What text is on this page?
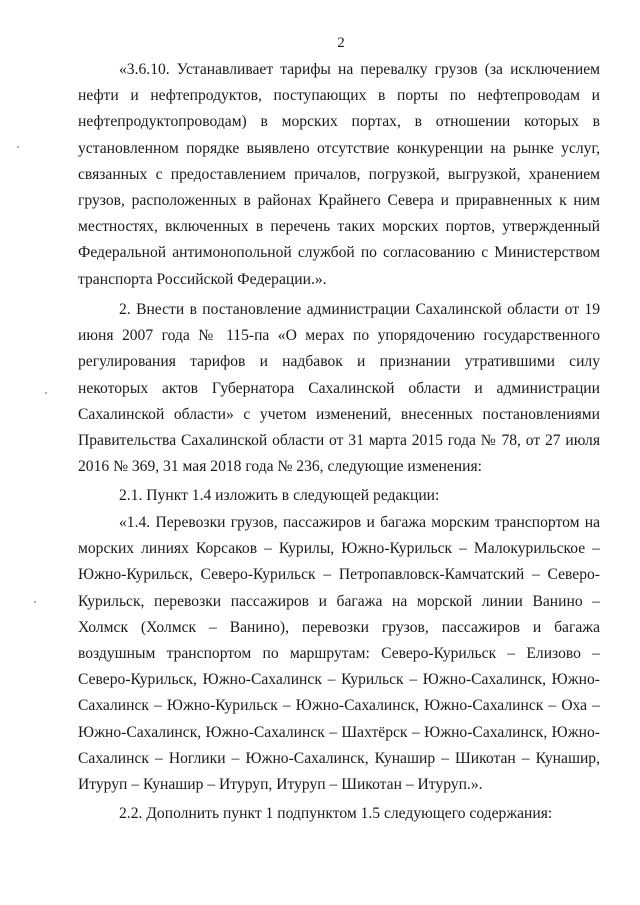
2
«3.6.10. Устанавливает тарифы на перевалку грузов (за исключением
нефти и нефтепродуктов, поступающих в порты по нефтепроводам и
нефтепродуктопроводам) в морских портах, в отношении которых в
установленном порядке выявлено отсутствие конкуренции на рынке услуг,
связанных с предоставлением причалов, погрузкой, выгрузкой, хранением
грузов, расположенных в районах Крайнего Севера и приравненных к ним
местностях, включенных в перечень таких морских портов, утвержденный
Федеральной антимонопольной службой по согласованию с Министерством
транспорта Российской Федерации.».
2. Внести в постановление администрации Сахалинской области от 19
июня 2007 года № 115-па «О мерах по упорядочению государственного
регулирования тарифов и надбавок и признании утратившими силу
некоторых актов Губернатора Сахалинской области и администрации
Сахалинской области» с учетом изменений, внесенных постановлениями
Правительства Сахалинской области от 31 марта 2015 года № 78, от 27 июля
2016 № 369, 31 мая 2018 года № 236, следующие изменения:
2.1. Пункт 1.4 изложить в следующей редакции:
«1.4. Перевозки грузов, пассажиров и багажа морским транспортом на
морских линиях Корсаков – Курилы, Южно-Курильск – Малокурильское –
Южно-Курильск, Северо-Курильск – Петропавловск-Камчатский – Северо-
Курильск, перевозки пассажиров и багажа на морской линии Ванино –
Холмск (Холмск – Ванино), перевозки грузов, пассажиров и багажа
воздушным транспортом по маршрутам: Северо-Курильск – Елизово –
Северо-Курильск, Южно-Сахалинск – Курильск – Южно-Сахалинск, Южно-
Сахалинск – Южно-Курильск – Южно-Сахалинск, Южно-Сахалинск – Оха –
Южно-Сахалинск, Южно-Сахалинск – Шахтёрск – Южно-Сахалинск, Южно-
Сахалинск – Ноглики – Южно-Сахалинск, Кунашир – Шикотан – Кунашир,
Итуруп – Кунашир – Итуруп, Итуруп – Шикотан – Итуруп.».
2.2. Дополнить пункт 1 подпунктом 1.5 следующего содержания:
